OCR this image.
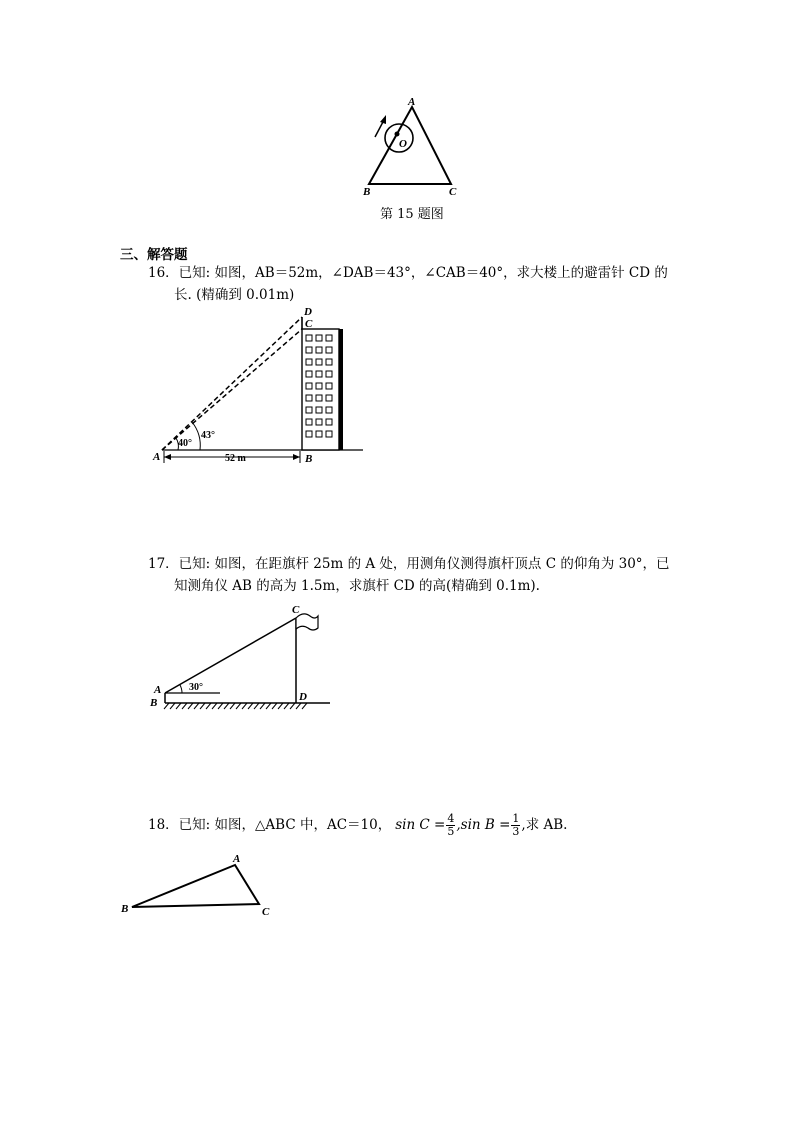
A
B	C
O
第 15 题图
三、解答题
16．已知: 如图，AB＝52m，∠DAB＝43°，∠CAB＝40°，求大楼上的避雷针 CD 的
长. (精确到 0.01m)
A	B
C
D
40°
43°
52 m
17．已知: 如图，在距旗杆 25m 的 A 处，用测角仪测得旗杆顶点 C 的仰角为 30°，已
知测角仪 AB 的高为 1.5m，求旗杆 CD 的高(精确到 0.1m).
A
B
C
D
30°
18．已知: 如图，△ABC 中，AC＝10， $\sin C = \frac{4}{5} ,\sin$ $B = \frac{1}{3}$ ,求 AB.
A
B	C
